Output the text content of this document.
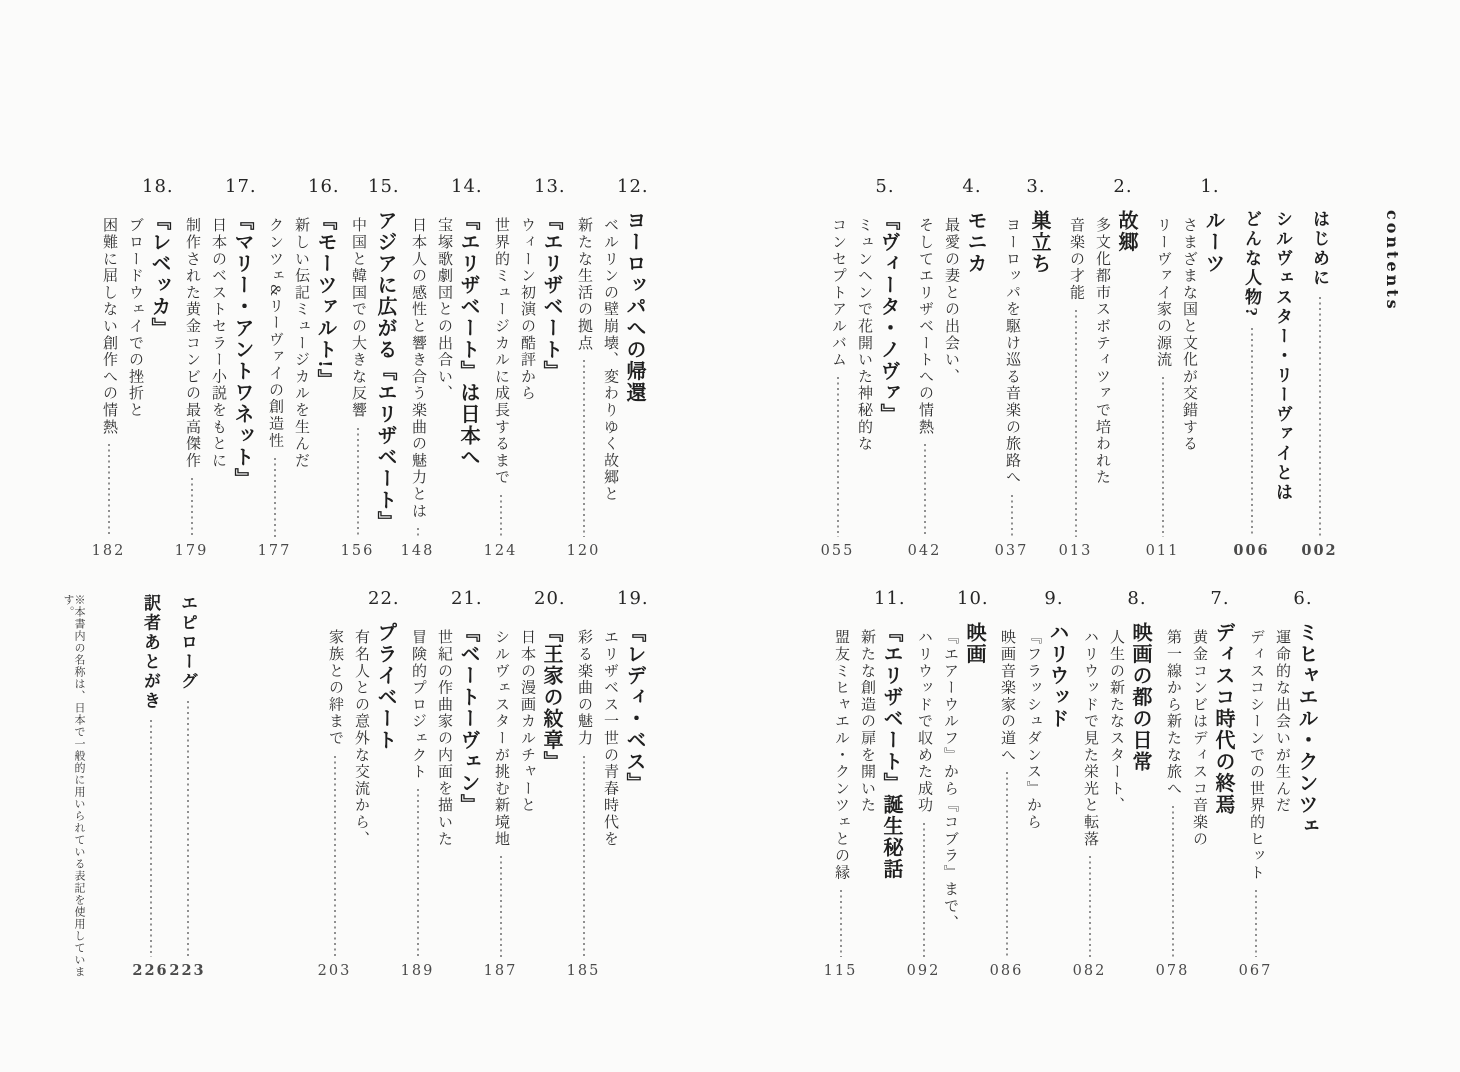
contents
はじめに
002
シルヴェスター・リーヴァイとは
どんな人物?
006
1.
ルーツ
さまざまな国と文化が交錯する
リーヴァイ家の源流
011
2.
故郷
多文化都市スボティツァで培われた
音楽の才能
013
3.
巣立ち
ヨーロッパを駆け巡る音楽の旅路へ
037
4.
モニカ
最愛の妻との出会い、
そしてエリザベートへの情熱
042
5.
『ヴィータ・ノヴァ』
ミュンヘンで花開いた神秘的な
コンセプトアルバム
055
12.
ヨーロッパへの帰還
ベルリンの壁崩壊、変わりゆく故郷と
新たな生活の拠点
120
13.
『エリザベート』
ウィーン初演の酷評から
世界的ミュージカルに成長するまで
124
14.
『エリザベート』は日本へ
宝塚歌劇団との出合い、
日本人の感性と響き合う楽曲の魅力とは
148
15.
アジアに広がる『エリザベート』
中国と韓国での大きな反響
156
16.
『モーツァルト!』
新しい伝記ミュージカルを生んだ
クンツェ&リーヴァイの創造性
177
17.
『マリー・アントワネット』
日本のベストセラー小説をもとに
制作された黄金コンビの最高傑作
179
18.
『レベッカ』
ブロードウェイでの挫折と
困難に屈しない創作への情熱
182
6.
ミヒャエル・クンツェ
運命的な出会いが生んだ
ディスコシーンでの世界的ヒット
067
7.
ディスコ時代の終焉
黄金コンビはディスコ音楽の
第一線から新たな旅へ
078
8.
映画の都の日常
人生の新たなスタート、
ハリウッドで見た栄光と転落
082
9.
ハリウッド
『フラッシュダンス』から
映画音楽家の道へ
086
10.
映画
『エアーウルフ』から『コブラ』まで、
ハリウッドで収めた成功
092
11.
『エリザベート』誕生秘話
新たな創造の扉を開いた
盟友ミヒャエル・クンツェとの縁
115
19.
『レディ・ベス』
エリザベス一世の青春時代を
彩る楽曲の魅力
185
20.
『王家の紋章』
日本の漫画カルチャーと
シルヴェスターが挑む新境地
187
21.
『ベートーヴェン』
世紀の作曲家の内面を描いた
冒険的プロジェクト
189
22.
プライベート
有名人との意外な交流から、
家族との絆まで
203
エピローグ
223
訳者あとがき
226
※本書内の名称は、日本で一般的に用いられている表記を使用しています。
